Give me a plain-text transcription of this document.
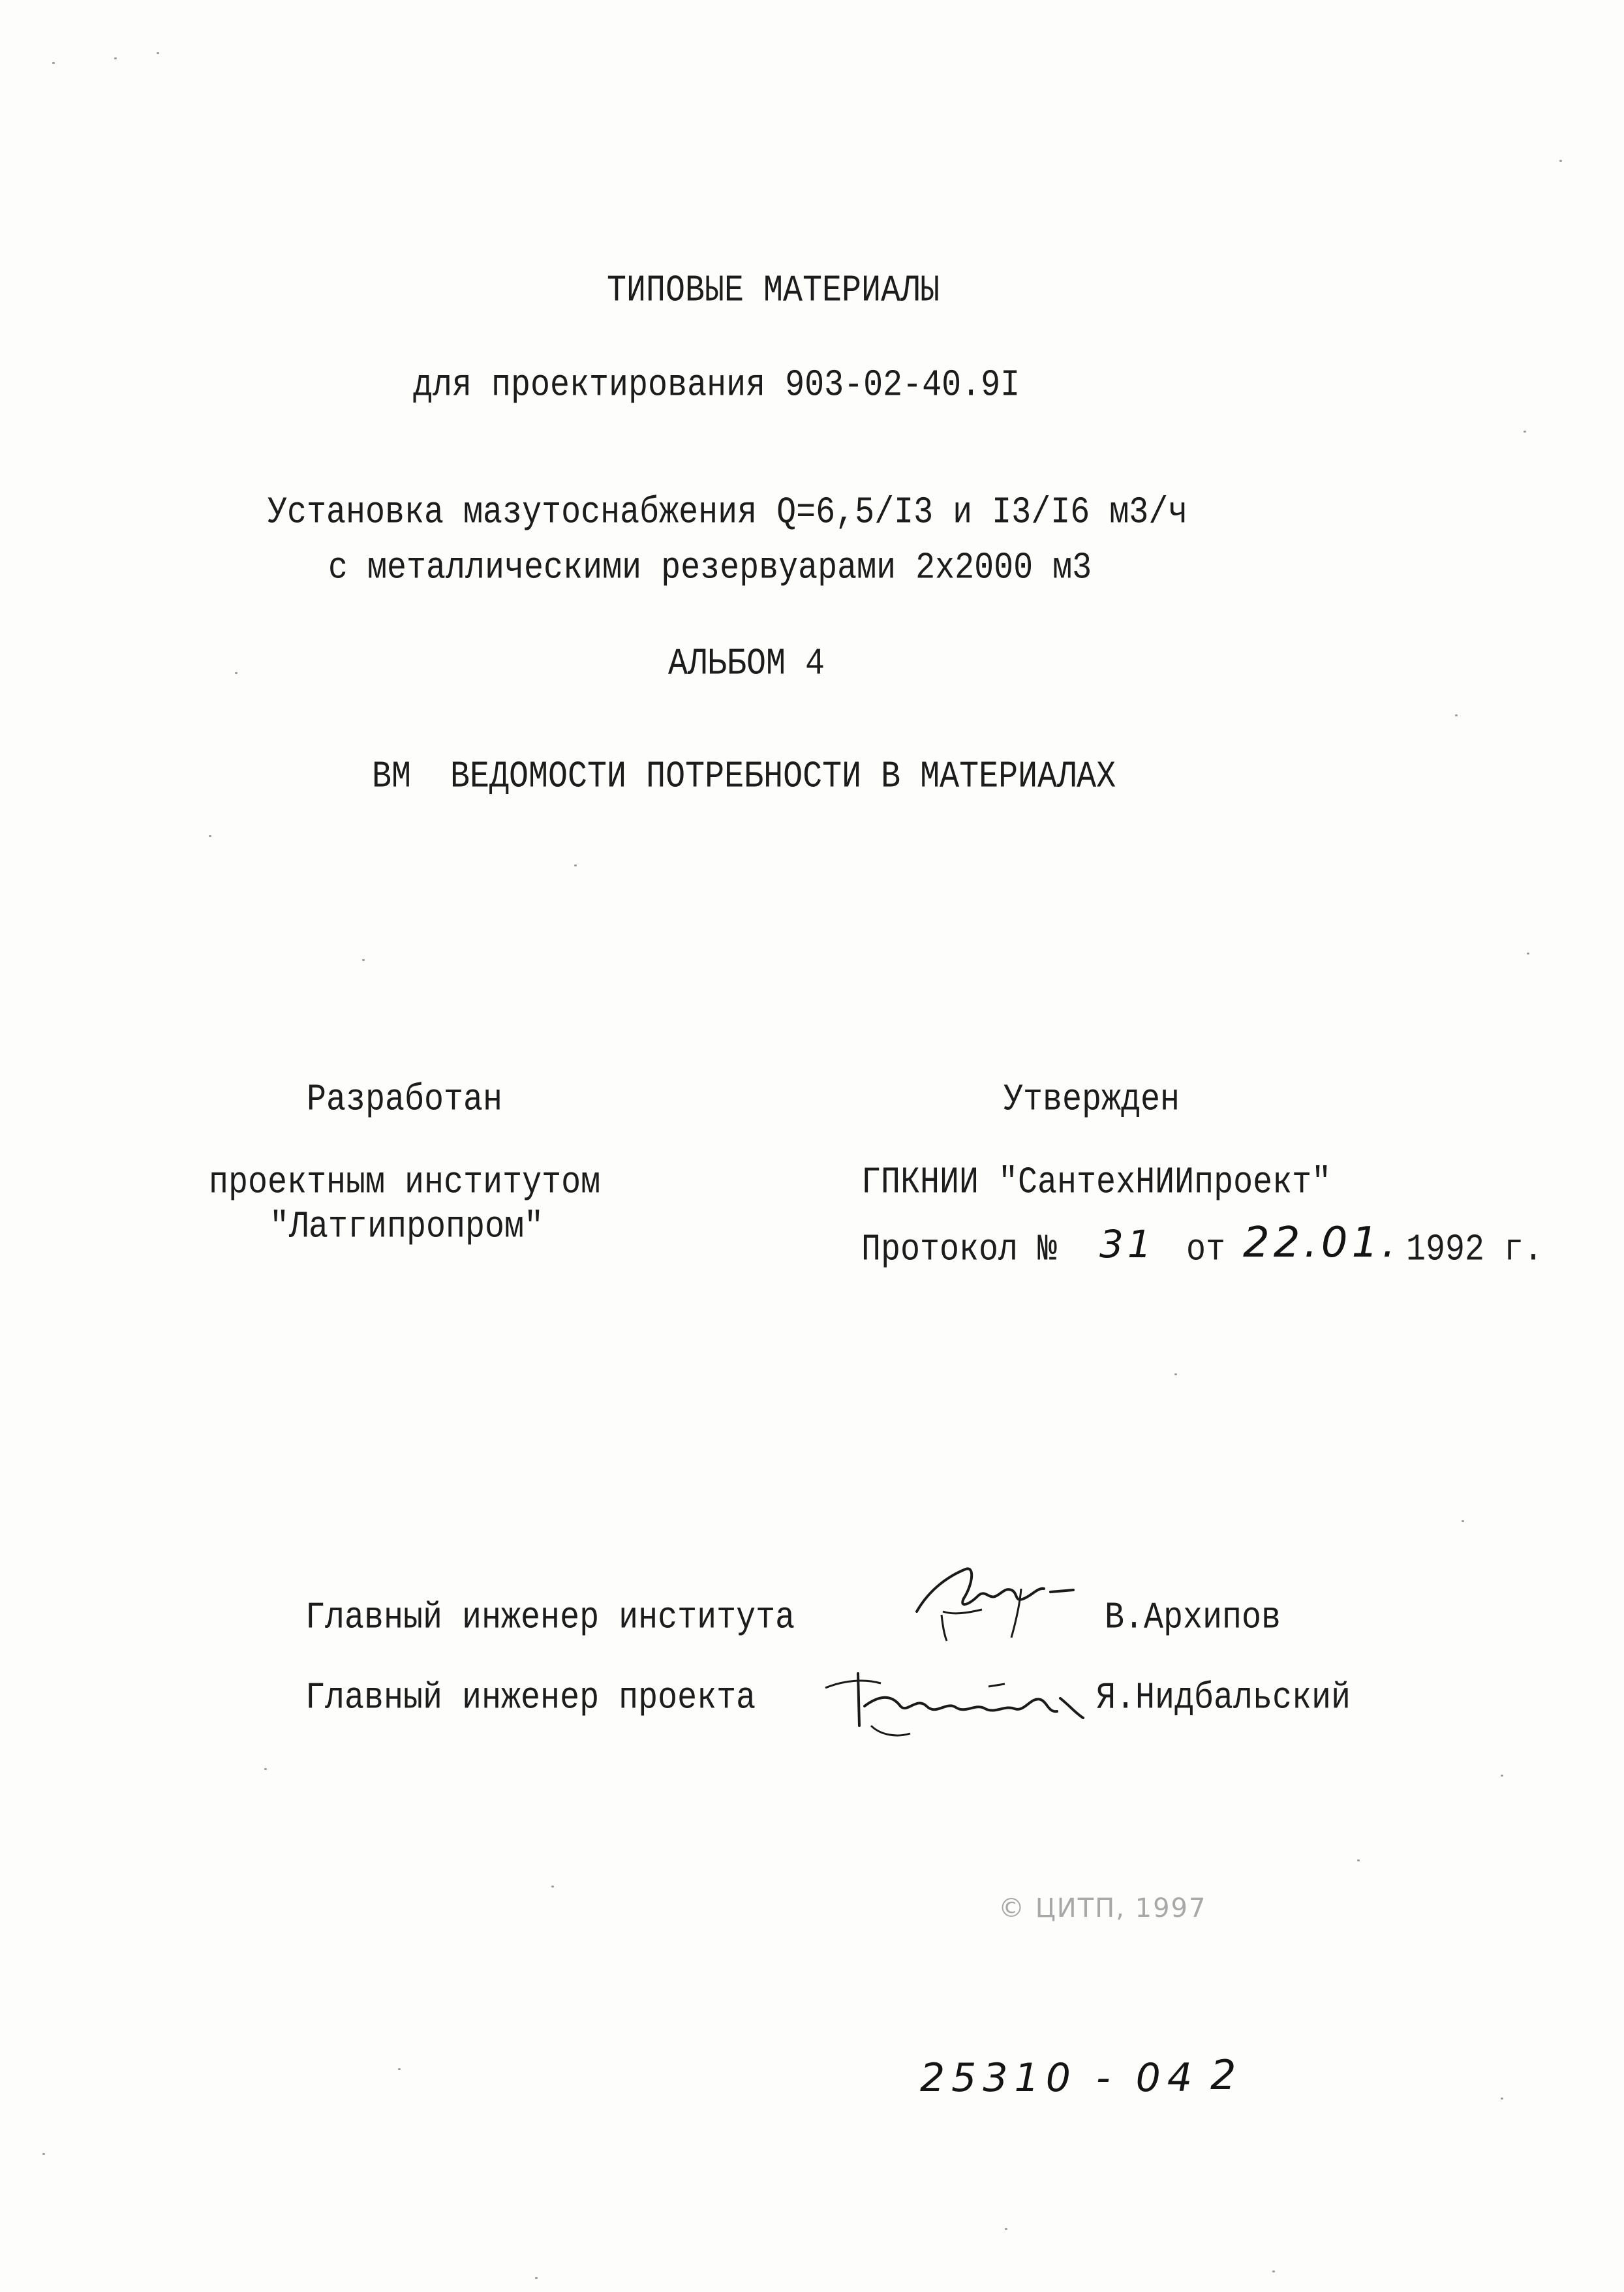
ТИПОВЫЕ МАТЕРИАЛЫ
для проектирования 903-02-40.9I
Установка мазутоснабжения Q=6,5/I3 и I3/I6 м3/ч
с металлическими резервуарами 2х2000 м3
АЛЬБОМ 4
ВМ  ВЕДОМОСТИ ПОТРЕБНОСТИ В МАТЕРИАЛАХ
Разработан
проектным институтом
"Латгипропром"
Утвержден
ГПКНИИ "СантехНИИпроект"
Протокол № 31 от 22.01. 1992 г.
Главный инженер института	В.Архипов
Главный инженер проекта	Я.Нидбальский
© ЦИТП, 1997
25310 - 04 2
